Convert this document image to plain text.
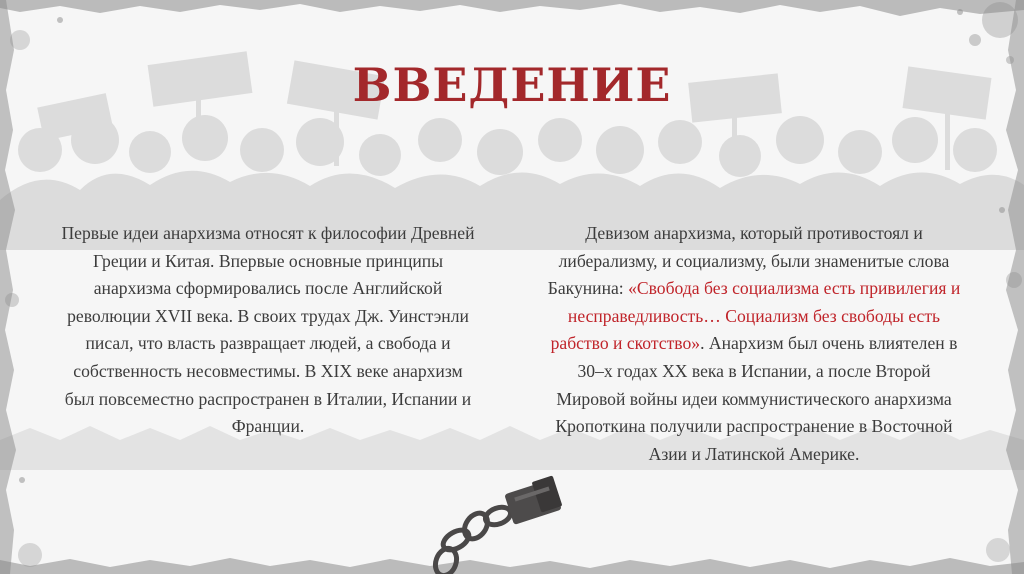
ВВЕДЕНИЕ
Первые идеи анархизма относят к философии Древней Греции и Китая. Впервые основные принципы анархизма сформировались после Английской революции XVII века. В своих трудах Дж. Уинстэнли писал, что власть развращает людей, а свобода и собственность несовместимы. В XIX веке анархизм был повсеместно распространен в Италии, Испании и Франции.
Девизом анархизма, который противостоял и либерализму, и социализму, были знаменитые слова Бакунина: «Свобода без социализма есть привилегия и несправедливость… Социализм без свободы есть рабство и скотство». Анархизм был очень влиятелен в 30–х годах XX века в Испании, а после Второй Мировой войны идеи коммунистического анархизма Кропоткина получили распространение в Восточной Азии и Латинской Америке.
